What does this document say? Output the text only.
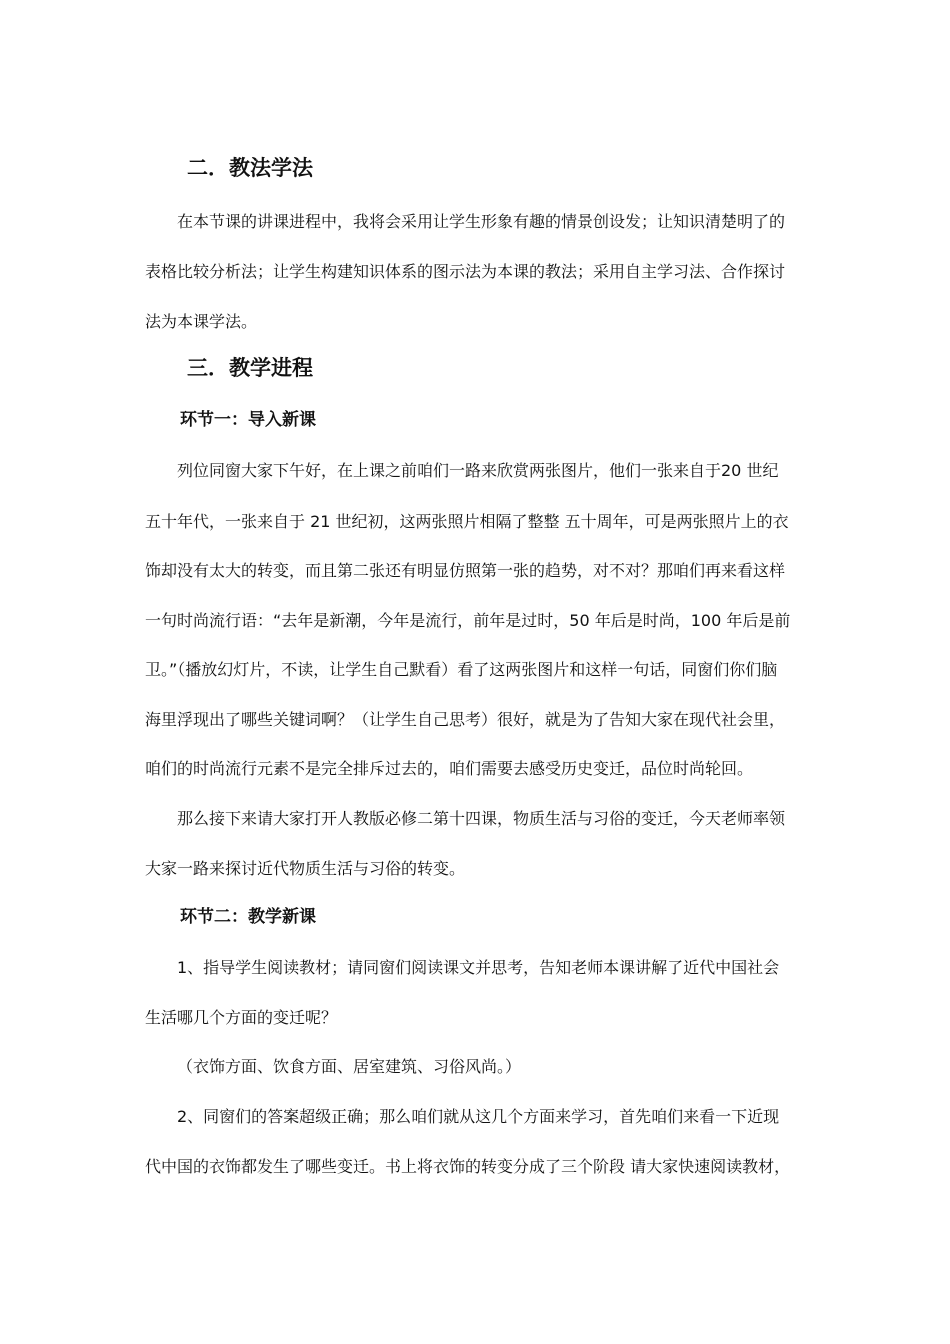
二．教法学法
在本节课的讲课进程中，我将会采用让学生形象有趣的情景创设发；让知识清楚明了的
表格比较分析法；让学生构建知识体系的图示法为本课的教法；采用自主学习法、合作探讨
法为本课学法。
三．教学进程
环节一：导入新课
列位同窗大家下午好，在上课之前咱们一路来欣赏两张图片，他们一张来自于20 世纪
五十年代，一张来自于 21 世纪初，这两张照片相隔了整整 五十周年，可是两张照片上的衣
饰却没有太大的转变，而且第二张还有明显仿照第一张的趋势，对不对？那咱们再来看这样
一句时尚流行语：“去年是新潮，今年是流行，前年是过时，50 年后是时尚，100 年后是前
卫。”（播放幻灯片，不读，让学生自己默看）看了这两张图片和这样一句话，同窗们你们脑
海里浮现出了哪些关键词啊？（让学生自己思考）很好，就是为了告知大家在现代社会里，
咱们的时尚流行元素不是完全排斥过去的，咱们需要去感受历史变迁，品位时尚轮回。
那么接下来请大家打开人教版必修二第十四课，物质生活与习俗的变迁，今天老师率领
大家一路来探讨近代物质生活与习俗的转变。
环节二：教学新课
1、指导学生阅读教材；请同窗们阅读课文并思考，告知老师本课讲解了近代中国社会
生活哪几个方面的变迁呢？
（衣饰方面、饮食方面、居室建筑、习俗风尚。）
2、同窗们的答案超级正确；那么咱们就从这几个方面来学习，首先咱们来看一下近现
代中国的衣饰都发生了哪些变迁。书上将衣饰的转变分成了三个阶段 请大家快速阅读教材，
